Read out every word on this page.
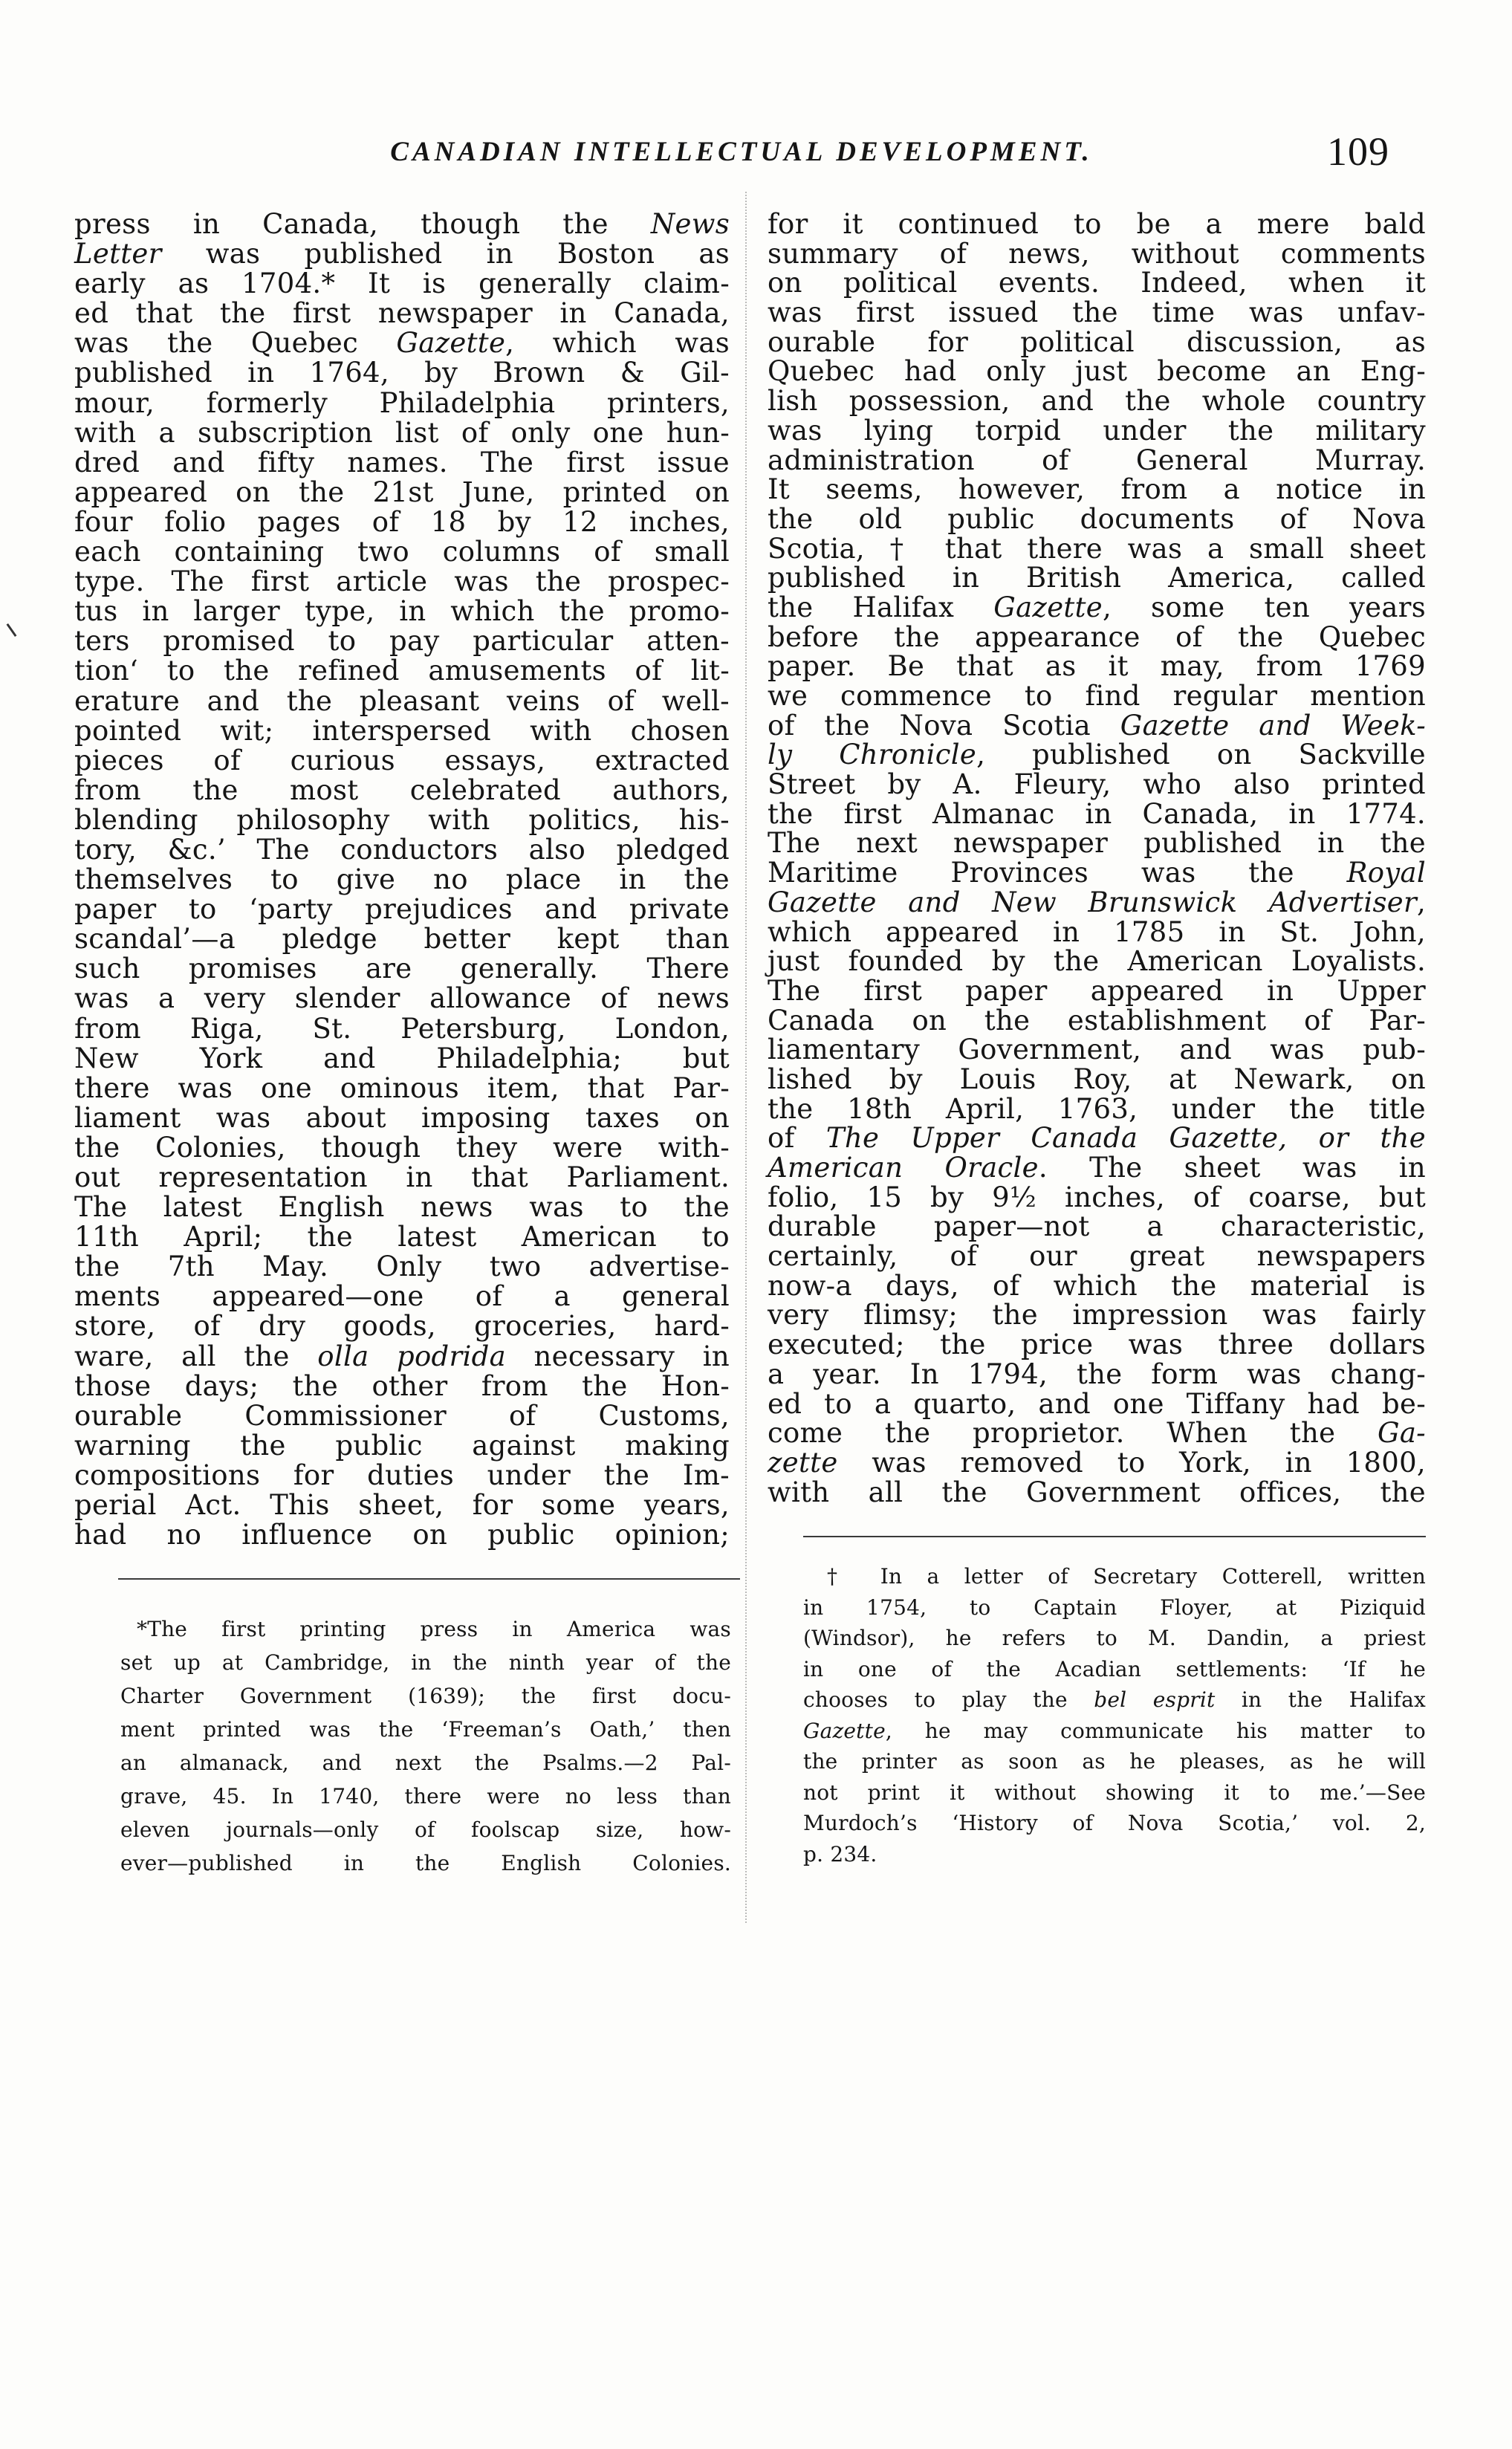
CANADIAN INTELLECTUAL DEVELOPMENT.	109
press in Canada, though the News
Letter was published in Boston as
early as 1704.* It is generally claim-
ed that the first newspaper in Canada,
was the Quebec Gazette, which was
published in 1764, by Brown & Gil-
mour, formerly Philadelphia printers,
with a subscription list of only one hun-
dred and fifty names. The first issue
appeared on the 21st June, printed on
four folio pages of 18 by 12 inches,
each containing two columns of small
type. The first article was the prospec-
tus in larger type, in which the promo-
ters promised to pay particular atten-
tion‘ to the refined amusements of lit-
erature and the pleasant veins of well-
pointed wit; interspersed with chosen
pieces of curious essays, extracted
from the most celebrated authors,
blending philosophy with politics, his-
tory, &c.’ The conductors also pledged
themselves to give no place in the
paper to ‘party prejudices and private
scandal’—a pledge better kept than
such promises are generally. There
was a very slender allowance of news
from Riga, St. Petersburg, London,
New York and Philadelphia; but
there was one ominous item, that Par-
liament was about imposing taxes on
the Colonies, though they were with-
out representation in that Parliament.
The latest English news was to the
11th April; the latest American to
the 7th May. Only two advertise-
ments appeared—one of a general
store, of dry goods, groceries, hard-
ware, all the olla podrida necessary in
those days; the other from the Hon-
ourable Commissioner of Customs,
warning the public against making
compositions for duties under the Im-
perial Act. This sheet, for some years,
had no influence on public opinion;
for it continued to be a mere bald
summary of news, without comments
on political events. Indeed, when it
was first issued the time was unfav-
ourable for political discussion, as
Quebec had only just become an Eng-
lish possession, and the whole country
was lying torpid under the military
administration of General Murray.
It seems, however, from a notice in
the old public documents of Nova
Scotia, † that there was a small sheet
published in British America, called
the Halifax Gazette, some ten years
before the appearance of the Quebec
paper. Be that as it may, from 1769
we commence to find regular mention
of the Nova Scotia Gazette and Week-
ly Chronicle, published on Sackville
Street by A. Fleury, who also printed
the first Almanac in Canada, in 1774.
The next newspaper published in the
Maritime Provinces was the Royal
Gazette and New Brunswick Advertiser,
which appeared in 1785 in St. John,
just founded by the American Loyalists.
The first paper appeared in Upper
Canada on the establishment of Par-
liamentary Government, and was pub-
lished by Louis Roy, at Newark, on
the 18th April, 1763, under the title
of The Upper Canada Gazette, or the
American Oracle. The sheet was in
folio, 15 by 9½ inches, of coarse, but
durable paper—not a characteristic,
certainly, of our great newspapers
now-a days, of which the material is
very flimsy; the impression was fairly
executed; the price was three dollars
a year. In 1794, the form was chang-
ed to a quarto, and one Tiffany had be-
come the proprietor. When the Ga-
zette was removed to York, in 1800,
with all the Government offices, the
*The first printing press in America was
set up at Cambridge, in the ninth year of the
Charter Government (1639); the first docu-
ment printed was the ‘Freeman’s Oath,’ then
an almanack, and next the Psalms.—2 Pal-
grave, 45. In 1740, there were no less than
eleven journals—only of foolscap size, how-
ever—published in the English Colonies.
† In a letter of Secretary Cotterell, written
in 1754, to Captain Floyer, at Piziquid
(Windsor), he refers to M. Dandin, a priest
in one of the Acadian settlements: ‘If he
chooses to play the bel esprit in the Halifax
Gazette, he may communicate his matter to
the printer as soon as he pleases, as he will
not print it without showing it to me.’—See
Murdoch’s ‘History of Nova Scotia,’ vol. 2,
p. 234.
